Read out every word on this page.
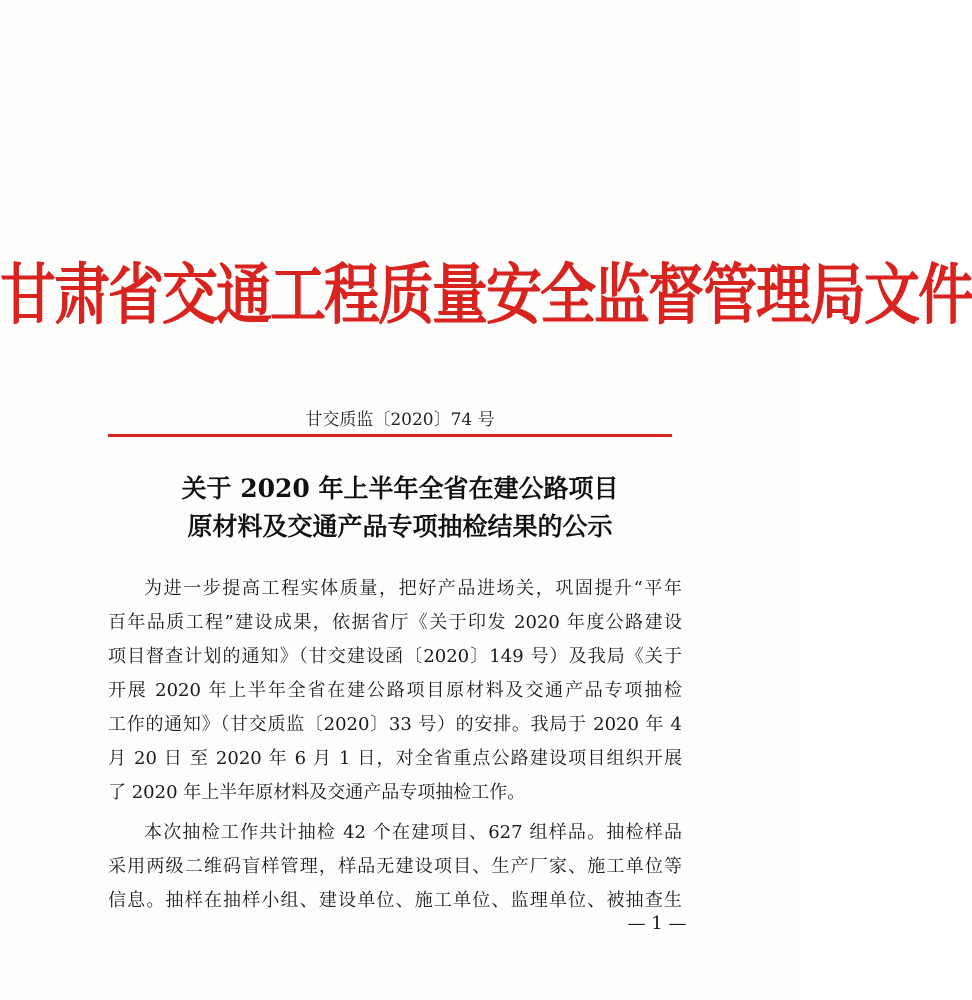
甘肃省交通工程质量安全监督管理局文件
甘交质监〔2020〕74 号
关于 2020 年上半年全省在建公路项目
原材料及交通产品专项抽检结果的公示
为进一步提高工程实体质量，把好产品进场关，巩固提升“平年
百年品质工程”建设成果，依据省厅《关于印发 2020 年度公路建设
项目督查计划的通知》（甘交建设函〔2020〕149 号）及我局《关于
开展 2020 年上半年全省在建公路项目原材料及交通产品专项抽检
工作的通知》（甘交质监〔2020〕33 号）的安排。我局于 2020 年 4
月 20 日 至 2020 年 6 月 1 日，对全省重点公路建设项目组织开展
了 2020 年上半年原材料及交通产品专项抽检工作。
本次抽检工作共计抽检 42 个在建项目、627 组样品。抽检样品
采用两级二维码盲样管理，样品无建设项目、生产厂家、施工单位等
信息。抽样在抽样小组、建设单位、施工单位、监理单位、被抽查生
— 1 —
